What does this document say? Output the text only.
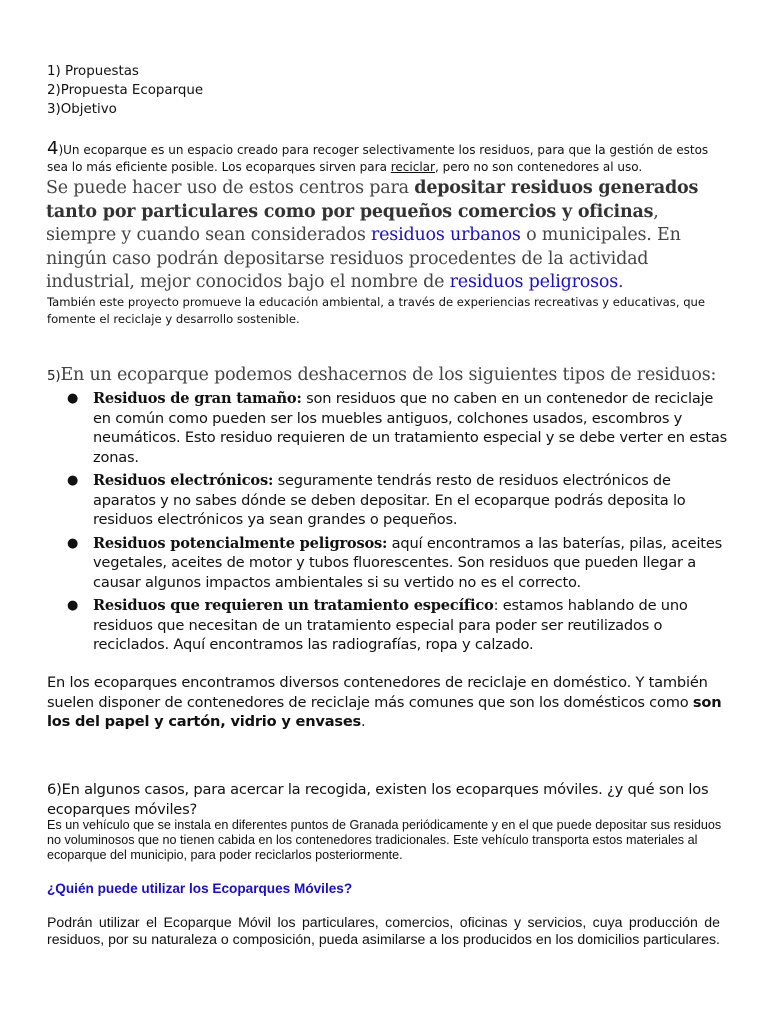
1) Propuestas
2)Propuesta Ecoparque
3)Objetivo

4)Un ecoparque es un espacio creado para recoger selectivamente los residuos, para que la gestión de estos sea lo más eficiente posible. Los ecoparques sirven para reciclar, pero no son contenedores al uso.

Se puede hacer uso de estos centros para depositar residuos generados tanto por particulares como por pequeños comercios y oficinas, siempre y cuando sean considerados residuos urbanos o municipales. En ningún caso podrán depositarse residuos procedentes de la actividad industrial, mejor conocidos bajo el nombre de residuos peligrosos.

También este proyecto promueve la educación ambiental, a través de experiencias recreativas y educativas, que fomente el reciclaje y desarrollo sostenible.

5)En un ecoparque podemos deshacernos de los siguientes tipos de residuos:

● Residuos de gran tamaño: son residuos que no caben en un contenedor de reciclaje en común como pueden ser los muebles antiguos, colchones usados, escombros y neumáticos. Esto residuo requieren de un tratamiento especial y se debe verter en estas zonas.
● Residuos electrónicos: seguramente tendrás resto de residuos electrónicos de aparatos y no sabes dónde se deben depositar. En el ecoparque podrás deposita lo residuos electrónicos ya sean grandes o pequeños.
● Residuos potencialmente peligrosos: aquí encontramos a las baterías, pilas, aceites vegetales, aceites de motor y tubos fluorescentes. Son residuos que pueden llegar a causar algunos impactos ambientales si su vertido no es el correcto.
● Residuos que requieren un tratamiento específico: estamos hablando de uno residuos que necesitan de un tratamiento especial para poder ser reutilizados o reciclados. Aquí encontramos las radiografías, ropa y calzado.

En los ecoparques encontramos diversos contenedores de reciclaje en doméstico. Y también suelen disponer de contenedores de reciclaje más comunes que son los domésticos como son los del papel y cartón, vidrio y envases.

6)En algunos casos, para acercar la recogida, existen los ecoparques móviles. ¿y qué son los ecoparques móviles?

Es un vehículo que se instala en diferentes puntos de Granada periódicamente y en el que puede depositar sus residuos no voluminosos que no tienen cabida en los contenedores tradicionales. Este vehículo transporta estos materiales al ecoparque del municipio, para poder reciclarlos posteriormente.

¿Quién puede utilizar los Ecoparques Móviles?

Podrán utilizar el Ecoparque Móvil los particulares, comercios, oficinas y servicios, cuya producción de residuos, por su naturaleza o composición, pueda asimilarse a los producidos en los domicilios particulares.
